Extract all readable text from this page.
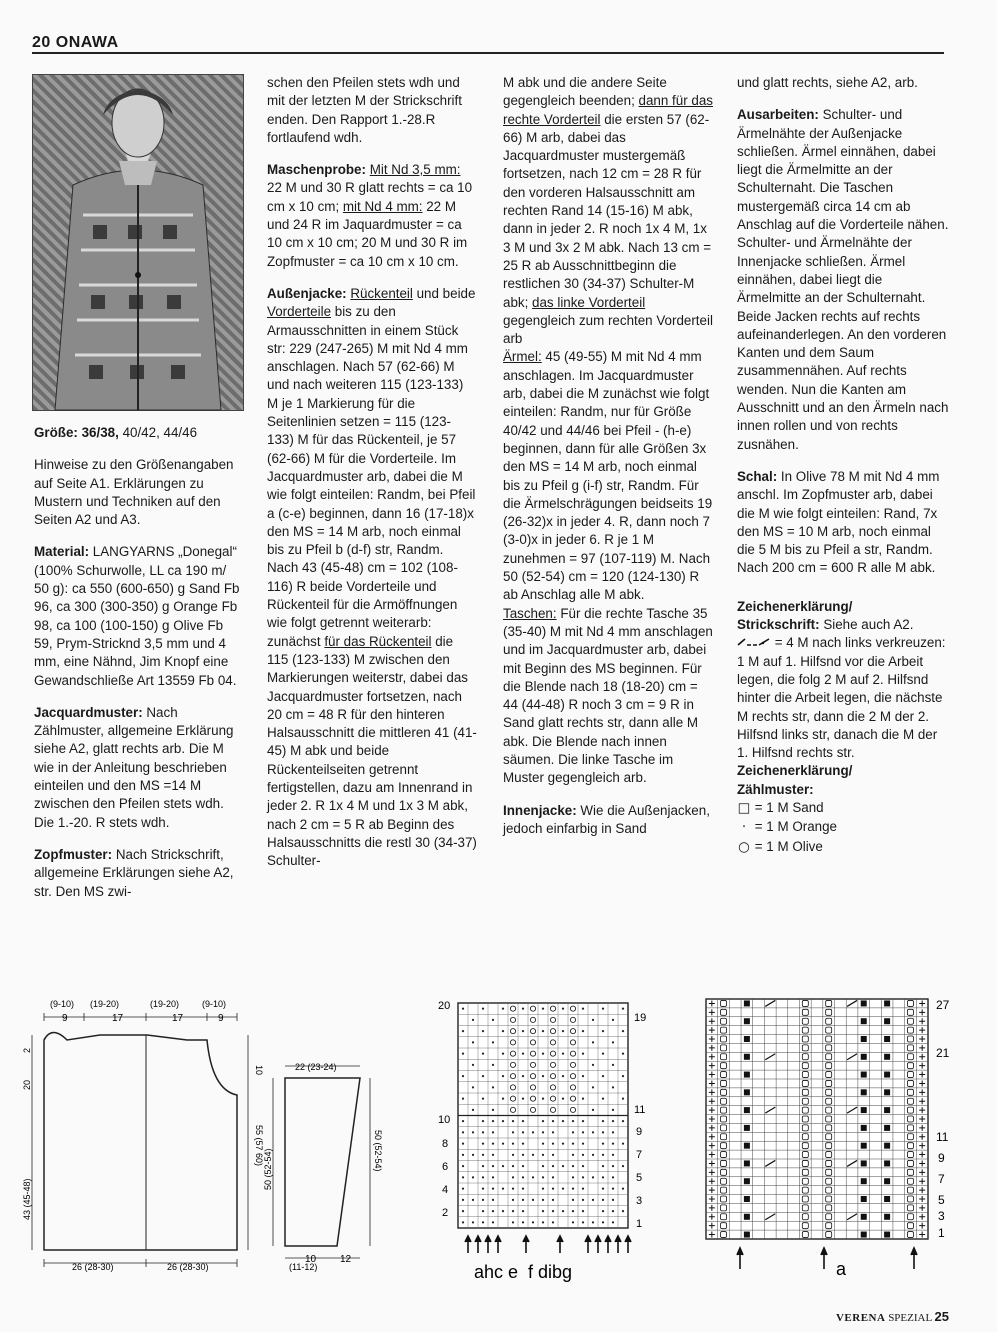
20 ONAWA

Größe: 36/38, 40/42, 44/46

Hinweise zu den Größenangaben auf Seite A1. Erklärungen zu Mustern und Techniken auf den Seiten A2 und A3.

Material: LANGYARNS „Donegal“ (100% Schurwolle, LL ca 190 m/ 50 g): ca 550 (600-650) g Sand Fb 96, ca 300 (300-350) g Orange Fb 98, ca 100 (100-150) g Olive Fb 59, Prym-Stricknd 3,5 mm und 4 mm, eine Nähnd, Jim Knopf eine Gewandschließe Art 13559 Fb 04.

Jacquardmuster: Nach Zählmuster, allgemeine Erklärung siehe A2, glatt rechts arb. Die M wie in der Anleitung beschrieben einteilen und den MS =14 M zwischen den Pfeilen stets wdh. Die 1.-20. R stets wdh.

Zopfmuster: Nach Strickschrift, allgemeine Erklärungen siehe A2, str. Den MS zwi-

schen den Pfeilen stets wdh und mit der letzten M der Strickschrift enden. Den Rapport 1.-28.R fortlaufend wdh.

Maschenprobe: Mit Nd 3,5 mm: 22 M und 30 R glatt rechts = ca 10 cm x 10 cm; mit Nd 4 mm: 22 M und 24 R im Jaquardmuster = ca 10 cm x 10 cm; 20 M und 30 R im Zopfmuster = ca 10 cm x 10 cm.

Außenjacke: Rückenteil und beide Vorderteile bis zu den Armausschnitten in einem Stück str: 229 (247-265) M mit Nd 4 mm anschlagen. Nach 57 (62-66) M und nach weiteren 115 (123-133) M je 1 Markierung für die Seitenlinien setzen = 115 (123-133) M für das Rückenteil, je 57 (62-66) M für die Vorderteile. Im Jacquardmuster arb, dabei die M wie folgt einteilen: Randm, bei Pfeil a (c-e) beginnen, dann 16 (17-18)x den MS = 14 M arb, noch einmal bis zu Pfeil b (d-f) str, Randm. Nach 43 (45-48) cm = 102 (108-116) R beide Vorderteile und Rückenteil für die Armöffnungen wie folgt getrennt weiterarb: zunächst für das Rückenteil die 115 (123-133) M zwischen den Markierungen weiterstr, dabei das Jacquardmuster fortsetzen, nach 20 cm = 48 R für den hinteren Halsausschnitt die mittleren 41 (41-45) M abk und beide Rückenteilseiten getrennt fertigstellen, dazu am Innenrand in jeder 2. R 1x 4 M und 1x 3 M abk, nach 2 cm = 5 R ab Beginn des Halsausschnitts die restl 30 (34-37) Schulter-

M abk und die andere Seite gegengleich beenden; dann für das rechte Vorderteil die ersten 57 (62-66) M arb, dabei das Jacquardmuster mustergemäß fortsetzen, nach 12 cm = 28 R für den vorderen Halsausschnitt am rechten Rand 14 (15-16) M abk, dann in jeder 2. R noch 1x 4 M, 1x 3 M und 3x 2 M abk. Nach 13 cm = 25 R ab Ausschnittbeginn die restlichen 30 (34-37) Schulter-M abk; das linke Vorderteil gegengleich zum rechten Vorderteil arb
Ärmel: 45 (49-55) M mit Nd 4 mm anschlagen. Im Jacquardmuster arb, dabei die M zunächst wie folgt einteilen: Randm, nur für Größe 40/42 und 44/46 bei Pfeil - (h-e) beginnen, dann für alle Größen 3x den MS = 14 M arb, noch einmal bis zu Pfeil g (i-f) str, Randm. Für die Ärmelschrägungen beidseits 19 (26-32)x in jeder 4. R, dann noch 7 (3-0)x in jeder 6. R je 1 M zunehmen = 97 (107-119) M. Nach 50 (52-54) cm = 120 (124-130) R ab Anschlag alle M abk.
Taschen: Für die rechte Tasche 35 (35-40) M mit Nd 4 mm anschlagen und im Jacquardmuster arb, dabei mit Beginn des MS beginnen. Für die Blende nach 18 (18-20) cm = 44 (44-48) R noch 3 cm = 9 R in Sand glatt rechts str, dann alle M abk. Die Blende nach innen säumen. Die linke Tasche im Muster gegengleich arb.

Innenjacke: Wie die Außenjacken, jedoch einfarbig in Sand

und glatt rechts, siehe A2, arb.

Ausarbeiten: Schulter- und Ärmelnähte der Außenjacke schließen. Ärmel einnähen, dabei liegt die Ärmelmitte an der Schulternaht. Die Taschen mustergemäß circa 14 cm ab Anschlag auf die Vorderteile nähen. Schulter- und Ärmelnähte der Innenjacke schließen. Ärmel einnähen, dabei liegt die Ärmelmitte an der Schulternaht. Beide Jacken rechts auf rechts aufeinanderlegen. An den vorderen Kanten und dem Saum zusammennähen. Auf rechts wenden. Nun die Kanten am Ausschnitt und an den Ärmeln nach innen rollen und von rechts zusnähen.

Schal: In Olive 78 M mit Nd 4 mm anschl. Im Zopfmuster arb, dabei die M wie folgt einteilen: Rand, 7x den MS = 10 M arb, noch einmal die 5 M bis zu Pfeil a str, Randm. Nach 200 cm = 600 R alle M abk.

Zeichenerklärung/
Strickschrift: Siehe auch A2.
= 4 M nach links verkreuzen: 1 M auf 1. Hilfsnd vor die Arbeit legen, die folg 2 M auf 2. Hilfsnd hinter die Arbeit legen, die nächste M rechts str, dann die 2 M der 2. Hilfsnd links str, danach die M der 1. Hilfsnd rechts str.
Zeichenerklärung/
Zählmuster:
□ = 1 M Sand
· = 1 M Orange
○ = 1 M Olive
(9-10) (19-20)	(19-20)	(9-10)
9	17	17	9
2
20
43 (45-48)
10
55 (57 60)
26 (28-30)	26 (28-30)
22 (23-24)
50 (52-54)	50 (52-54)
10 12
(11-12)
20
10
8
6
4
2
19
11
9
7
5
3
1
ahc e  f dibg
27
21
11
9
7
5
3
1
a
VERENA SPEZIAL 25
